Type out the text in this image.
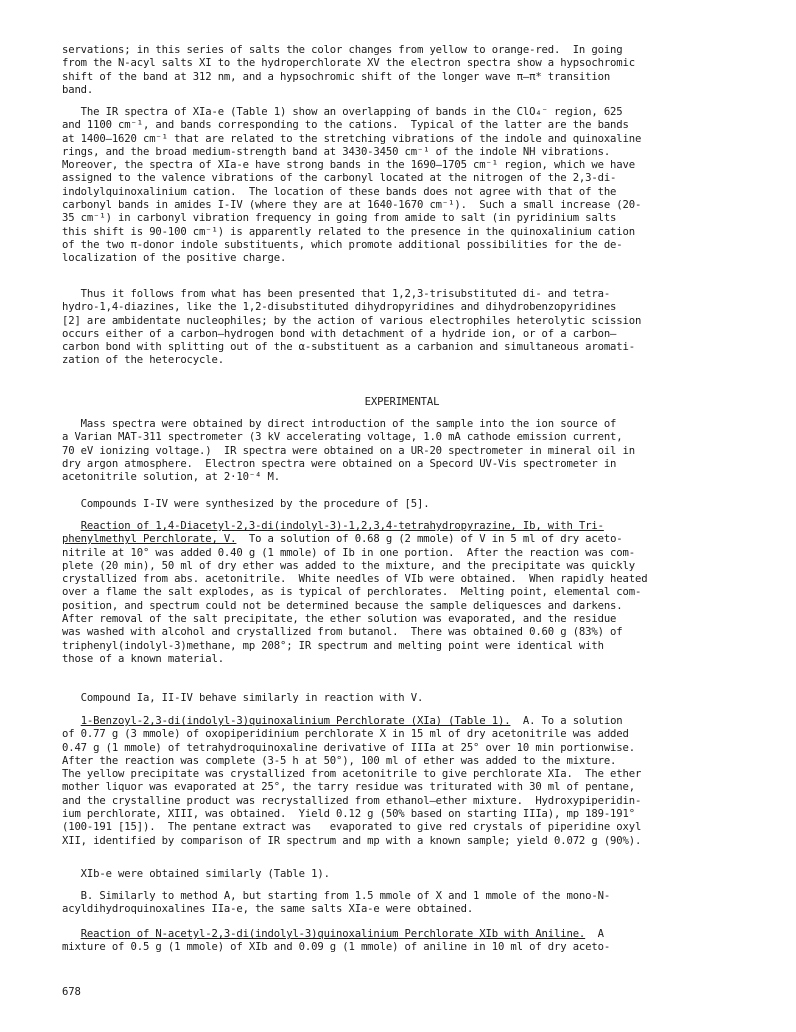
servations; in this series of salts the color changes from yellow to orange-red.  In going
from the N-acyl salts XI to the hydroperchlorate XV the electron spectra show a hypsochromic
shift of the band at 312 nm, and a hypsochromic shift of the longer wave π–π* transition
band.
The IR spectra of XIa-e (Table 1) show an overlapping of bands in the ClO₄⁻ region, 625
and 1100 cm⁻¹, and bands corresponding to the cations.  Typical of the latter are the bands
at 1400–1620 cm⁻¹ that are related to the stretching vibrations of the indole and quinoxaline
rings, and the broad medium-strength band at 3430-3450 cm⁻¹ of the indole NH vibrations.
Moreover, the spectra of XIa-e have strong bands in the 1690–1705 cm⁻¹ region, which we have
assigned to the valence vibrations of the carbonyl located at the nitrogen of the 2,3-di-
indolylquinoxalinium cation.  The location of these bands does not agree with that of the
carbonyl bands in amides I-IV (where they are at 1640-1670 cm⁻¹).  Such a small increase (20-
35 cm⁻¹) in carbonyl vibration frequency in going from amide to salt (in pyridinium salts
this shift is 90-100 cm⁻¹) is apparently related to the presence in the quinoxalinium cation
of the two π-donor indole substituents, which promote additional possibilities for the de-
localization of the positive charge.
Thus it follows from what has been presented that 1,2,3-trisubstituted di- and tetra-
hydro-1,4-diazines, like the 1,2-disubstituted dihydropyridines and dihydrobenzopyridines
[2] are ambidentate nucleophiles; by the action of various electrophiles heterolytic scission
occurs either of a carbon—hydrogen bond with detachment of a hydride ion, or of a carbon—
carbon bond with splitting out of the α-substituent as a carbanion and simultaneous aromati-
zation of the heterocycle.
EXPERIMENTAL
Mass spectra were obtained by direct introduction of the sample into the ion source of
a Varian MAT-311 spectrometer (3 kV accelerating voltage, 1.0 mA cathode emission current,
70 eV ionizing voltage.)  IR spectra were obtained on a UR-20 spectrometer in mineral oil in
dry argon atmosphere.  Electron spectra were obtained on a Specord UV-Vis spectrometer in
acetonitrile solution, at 2·10⁻⁴ M.
Compounds I-IV were synthesized by the procedure of [5].
Reaction of 1,4-Diacetyl-2,3-di(indolyl-3)-1,2,3,4-tetrahydropyrazine, Ib, with Tri-
phenylmethyl Perchlorate, V.  To a solution of 0.68 g (2 mmole) of V in 5 ml of dry aceto-
nitrile at 10° was added 0.40 g (1 mmole) of Ib in one portion.  After the reaction was com-
plete (20 min), 50 ml of dry ether was added to the mixture, and the precipitate was quickly
crystallized from abs. acetonitrile.  White needles of VIb were obtained.  When rapidly heated
over a flame the salt explodes, as is typical of perchlorates.  Melting point, elemental com-
position, and spectrum could not be determined because the sample deliquesces and darkens.
After removal of the salt precipitate, the ether solution was evaporated, and the residue
was washed with alcohol and crystallized from butanol.  There was obtained 0.60 g (83%) of
triphenyl(indolyl-3)methane, mp 208°; IR spectrum and melting point were identical with
those of a known material.
Compound Ia, II-IV behave similarly in reaction with V.
1-Benzoyl-2,3-di(indolyl-3)quinoxalinium Perchlorate (XIa) (Table 1).  A. To a solution
of 0.77 g (3 mmole) of oxopiperidinium perchlorate X in 15 ml of dry acetonitrile was added
0.47 g (1 mmole) of tetrahydroquinoxaline derivative of IIIa at 25° over 10 min portionwise.
After the reaction was complete (3-5 h at 50°), 100 ml of ether was added to the mixture.
The yellow precipitate was crystallized from acetonitrile to give perchlorate XIa.  The ether
mother liquor was evaporated at 25°, the tarry residue was triturated with 30 ml of pentane,
and the crystalline product was recrystallized from ethanol—ether mixture.  Hydroxypiperidin-
ium perchlorate, XIII, was obtained.  Yield 0.12 g (50% based on starting IIIa), mp 189-191°
(100-191 [15]).  The pentane extract was   evaporated to give red crystals of piperidine oxyl
XII, identified by comparison of IR spectrum and mp with a known sample; yield 0.072 g (90%).
XIb-e were obtained similarly (Table 1).
B. Similarly to method A, but starting from 1.5 mmole of X and 1 mmole of the mono-N-
acyldihydroquinoxalines IIa-e, the same salts XIa-e were obtained.
Reaction of N-acetyl-2,3-di(indolyl-3)quinoxalinium Perchlorate XIb with Aniline.  A
mixture of 0.5 g (1 mmole) of XIb and 0.09 g (1 mmole) of aniline in 10 ml of dry aceto-
678
